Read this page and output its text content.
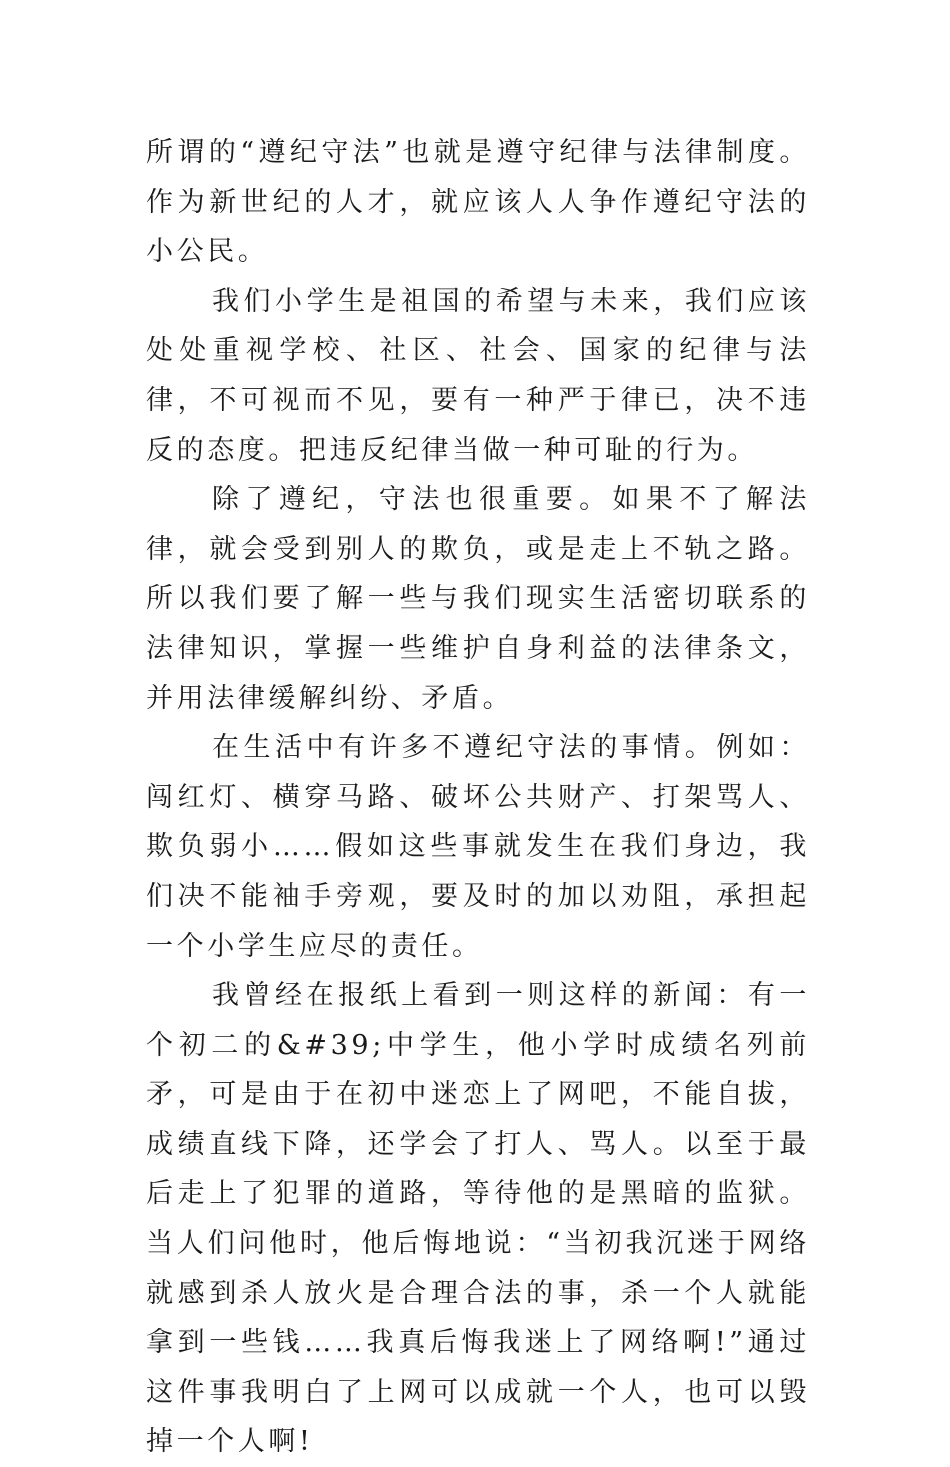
所谓的“遵纪守法”也就是遵守纪律与法律制度。作为新世纪的人才，就应该人人争作遵纪守法的小公民。

我们小学生是祖国的希望与未来，我们应该处处重视学校、社区、社会、国家的纪律与法律，不可视而不见，要有一种严于律已，决不违反的态度。把违反纪律当做一种可耻的行为。

除了遵纪，守法也很重要。如果不了解法律，就会受到别人的欺负，或是走上不轨之路。所以我们要了解一些与我们现实生活密切联系的法律知识，掌握一些维护自身利益的法律条文，并用法律缓解纠纷、矛盾。

在生活中有许多不遵纪守法的事情。例如：闯红灯、横穿马路、破坏公共财产、打架骂人、欺负弱小……假如这些事就发生在我们身边，我们决不能袖手旁观，要及时的加以劝阻，承担起一个小学生应尽的责任。

我曾经在报纸上看到一则这样的新闻：有一个初二的&#39;中学生，他小学时成绩名列前矛，可是由于在初中迷恋上了网吧，不能自拔，成绩直线下降，还学会了打人、骂人。以至于最后走上了犯罪的道路，等待他的是黑暗的监狱。当人们问他时，他后悔地说：“当初我沉迷于网络就感到杀人放火是合理合法的事，杀一个人就能拿到一些钱……我真后悔我迷上了网络啊!”通过这件事我明白了上网可以成就一个人，也可以毁掉一个人啊!
